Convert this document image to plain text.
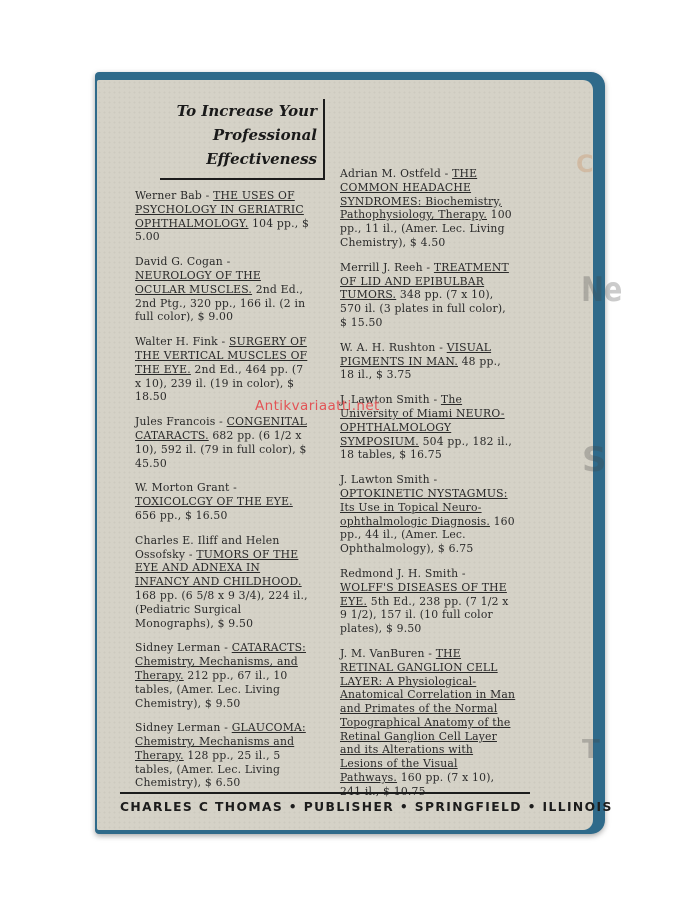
C
Ne
S
T
To Increase Your
Professional
Effectiveness
Werner Bab - THE USES OF PSYCHOLOGY IN GERIATRIC OPHTHALMOLOGY. 104 pp., $ 5.00
David G. Cogan - NEUROLOGY OF THE OCULAR MUSCLES. 2nd Ed., 2nd Ptg., 320 pp., 166 il. (2 in full color), $ 9.00
Walter H. Fink - SURGERY OF THE VERTICAL MUSCLES OF THE EYE. 2nd Ed., 464 pp. (7 x 10), 239 il. (19 in color), $ 18.50
Jules Francois - CONGENITAL CATARACTS. 682 pp. (6 1/2 x 10), 592 il. (79 in full color), $ 45.50
W. Morton Grant - TOXICOLCGY OF THE EYE. 656 pp., $ 16.50
Charles E. Iliff and Helen Ossofsky - TUMORS OF THE EYE AND ADNEXA IN INFANCY AND CHILDHOOD. 168 pp. (6 5/8 x 9 3/4), 224 il., (Pediatric Surgical Monographs), $ 9.50
Sidney Lerman - CATARACTS: Chemistry, Mechanisms, and Therapy. 212 pp., 67 il., 10 tables, (Amer. Lec. Living Chemistry), $ 9.50
Sidney Lerman - GLAUCOMA: Chemistry, Mechanisms and Therapy. 128 pp., 25 il., 5 tables, (Amer. Lec. Living Chemistry), $ 6.50
Adrian M. Ostfeld - THE COMMON HEADACHE SYNDROMES: Biochemistry, Pathophysiology, Therapy. 100 pp., 11 il., (Amer. Lec. Living Chemistry), $ 4.50
Merrill J. Reeh - TREATMENT OF LID AND EPIBULBAR TUMORS. 348 pp. (7 x 10), 570 il. (3 plates in full color), $ 15.50
W. A. H. Rushton - VISUAL PIGMENTS IN MAN. 48 pp., 18 il., $ 3.75
J. Lawton Smith - The University of Miami NEURO-OPHTHALMOLOGY SYMPOSIUM. 504 pp., 182 il., 18 tables, $ 16.75
J. Lawton Smith - OPTOKINETIC NYSTAGMUS: Its Use in Topical Neuro-ophthalmologic Diagnosis. 160 pp., 44 il., (Amer. Lec. Ophthalmology), $ 6.75
Redmond J. H. Smith - WOLFF'S DISEASES OF THE EYE. 5th Ed., 238 pp. (7 1/2 x 9 1/2), 157 il. (10 full color plates), $ 9.50
J. M. VanBuren - THE RETINAL GANGLION CELL LAYER: A Physiological-Anatomical Correlation in Man and Primates of the Normal Topographical Anatomy of the Retinal Ganglion Cell Layer and its Alterations with Lesions of the Visual Pathways. 160 pp. (7 x 10), 241 il., $ 10.75
Antikvariaatti.net
CHARLES C THOMAS • PUBLISHER • SPRINGFIELD • ILLINOIS
